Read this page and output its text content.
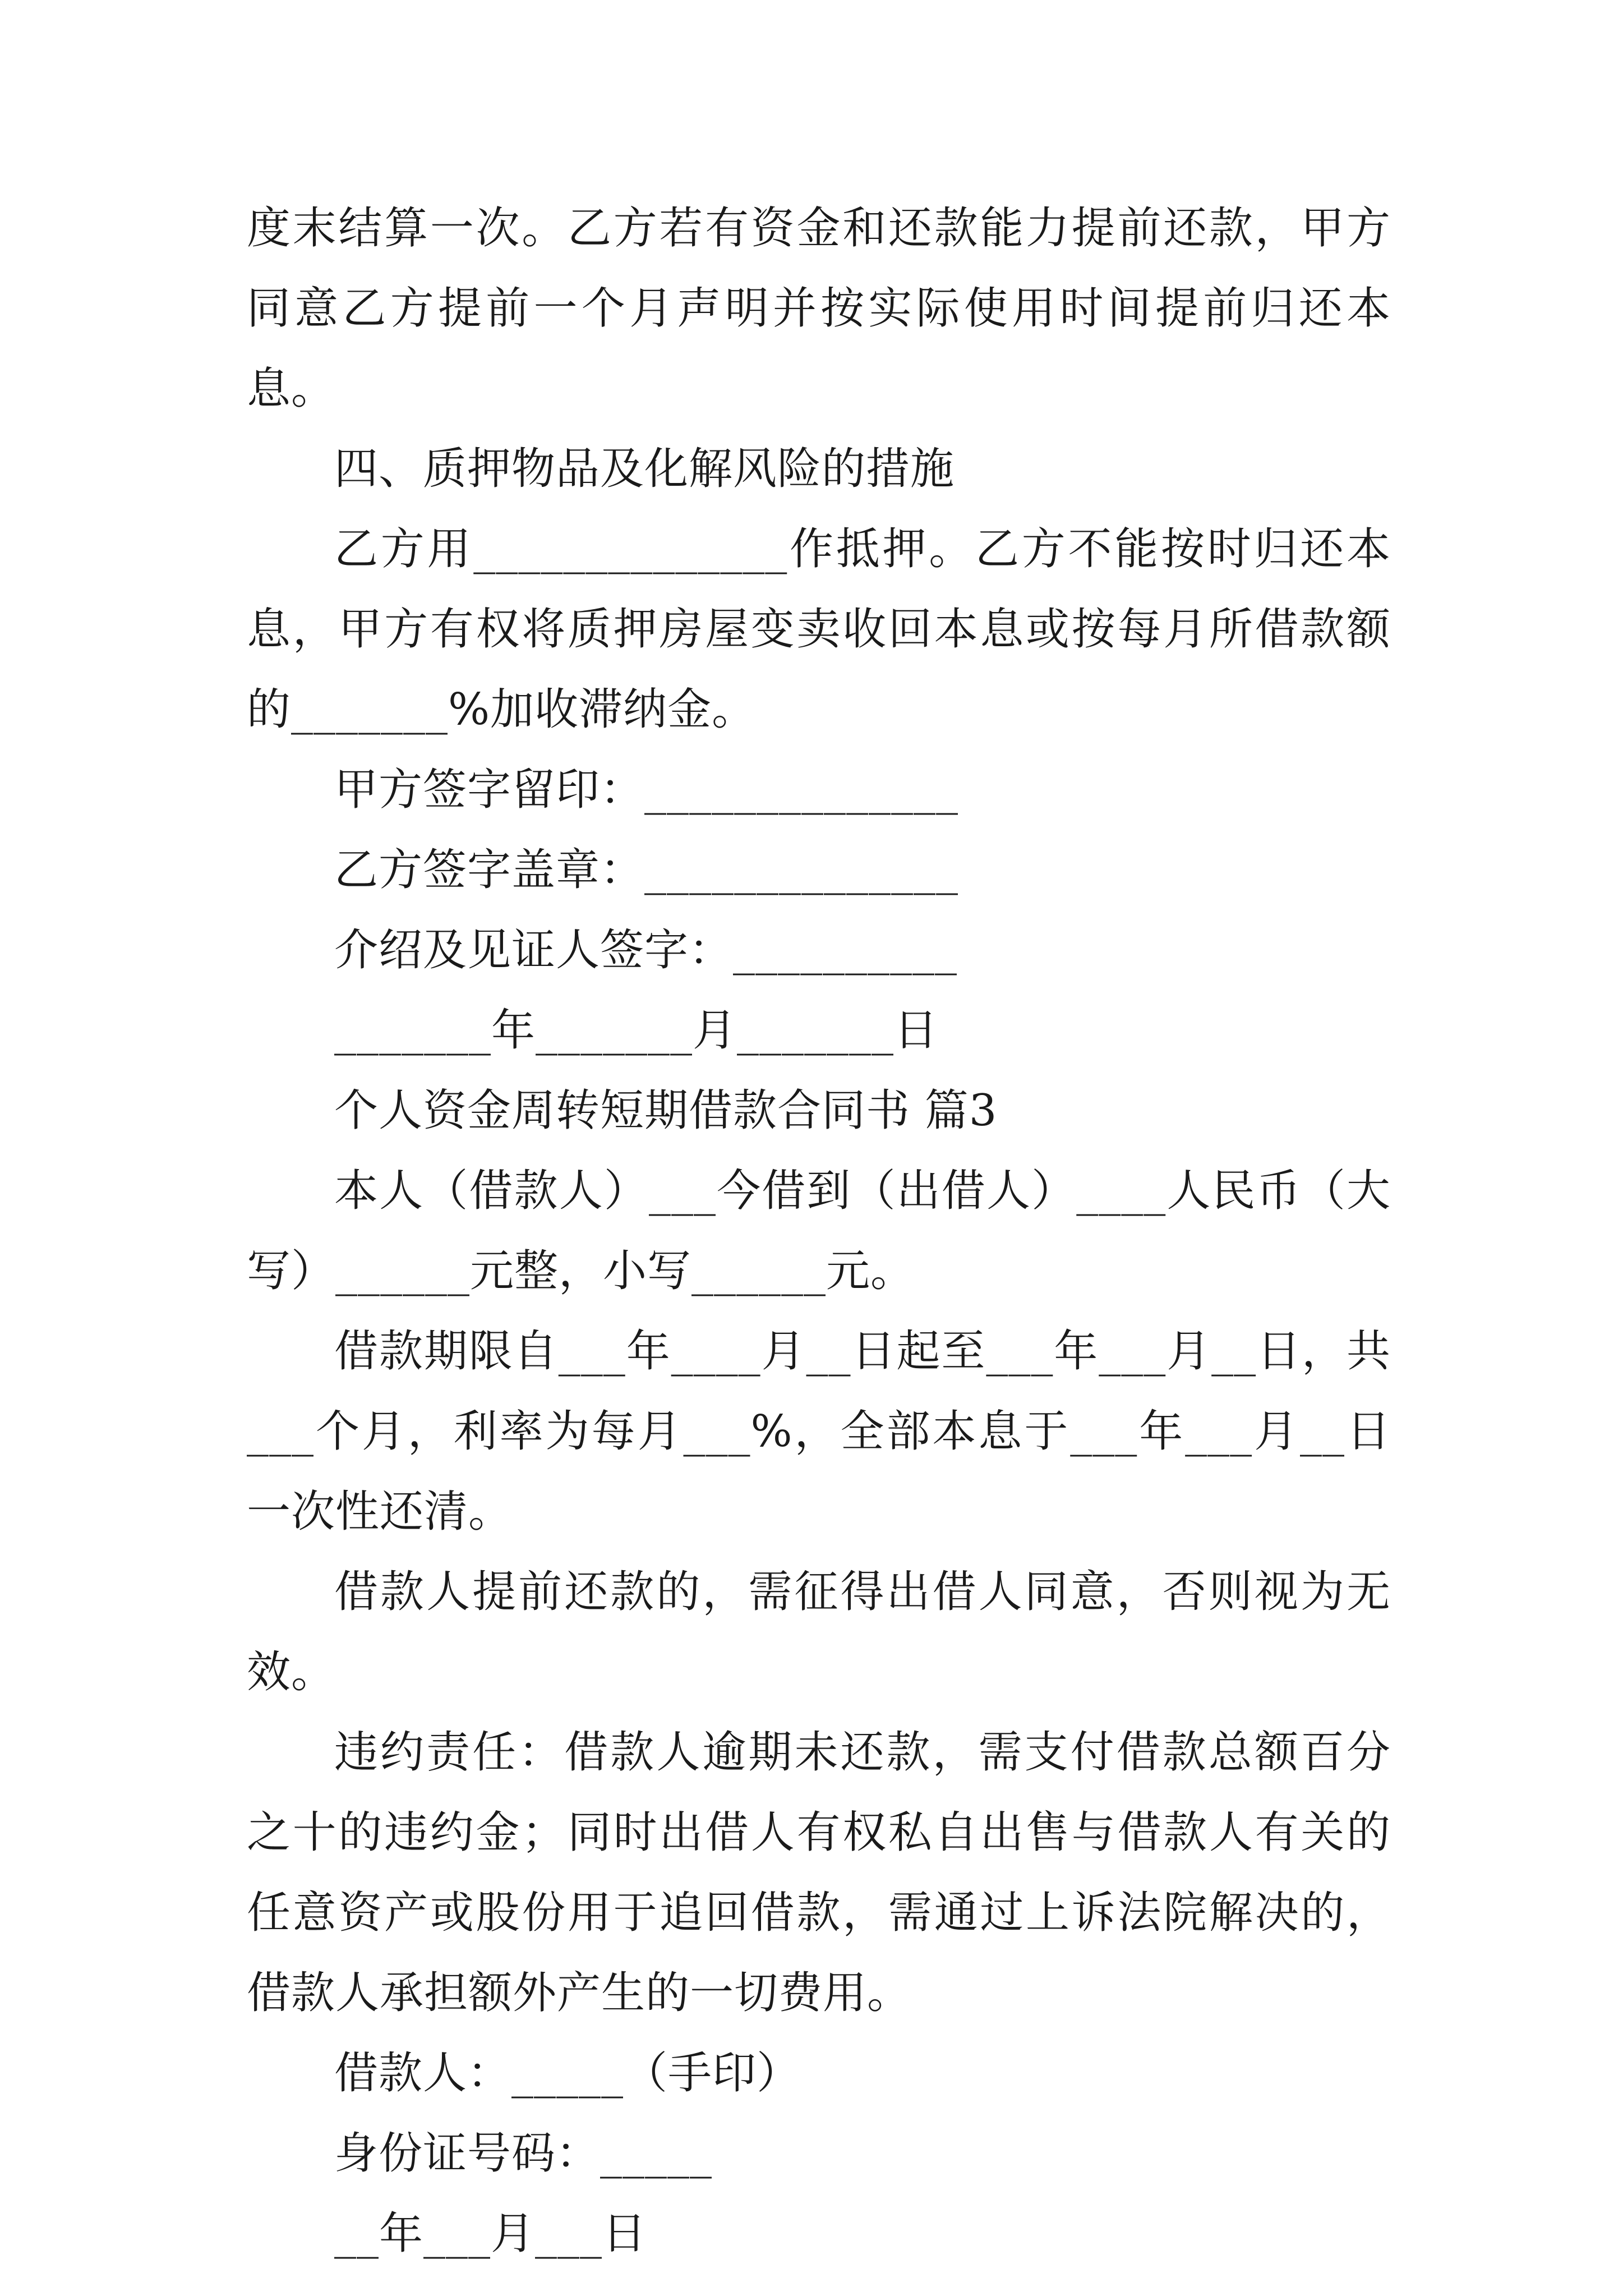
度末结算一次。乙方若有资金和还款能力提前还款，甲方同意乙方提前一个月声明并按实际使用时间提前归还本息。

四、质押物品及化解风险的措施

乙方用______________作抵押。乙方不能按时归还本息，甲方有权将质押房屋变卖收回本息或按每月所借款额的_______%加收滞纳金。

甲方签字留印：______________

乙方签字盖章：______________

介绍及见证人签字：__________

_______年_______月_______日

个人资金周转短期借款合同书 篇3

本人（借款人）___今借到（出借人）____人民币（大写）______元整，小写______元。

借款期限自___年____月__日起至___年___月__日，共___个月，利率为每月___%，全部本息于___年___月__日一次性还清。

借款人提前还款的，需征得出借人同意，否则视为无效。

违约责任：借款人逾期未还款，需支付借款总额百分之十的违约金；同时出借人有权私自出售与借款人有关的任意资产或股份用于追回借款，需通过上诉法院解决的，借款人承担额外产生的一切费用。

借款人：_____（手印）

身份证号码：_____

__年___月___日
